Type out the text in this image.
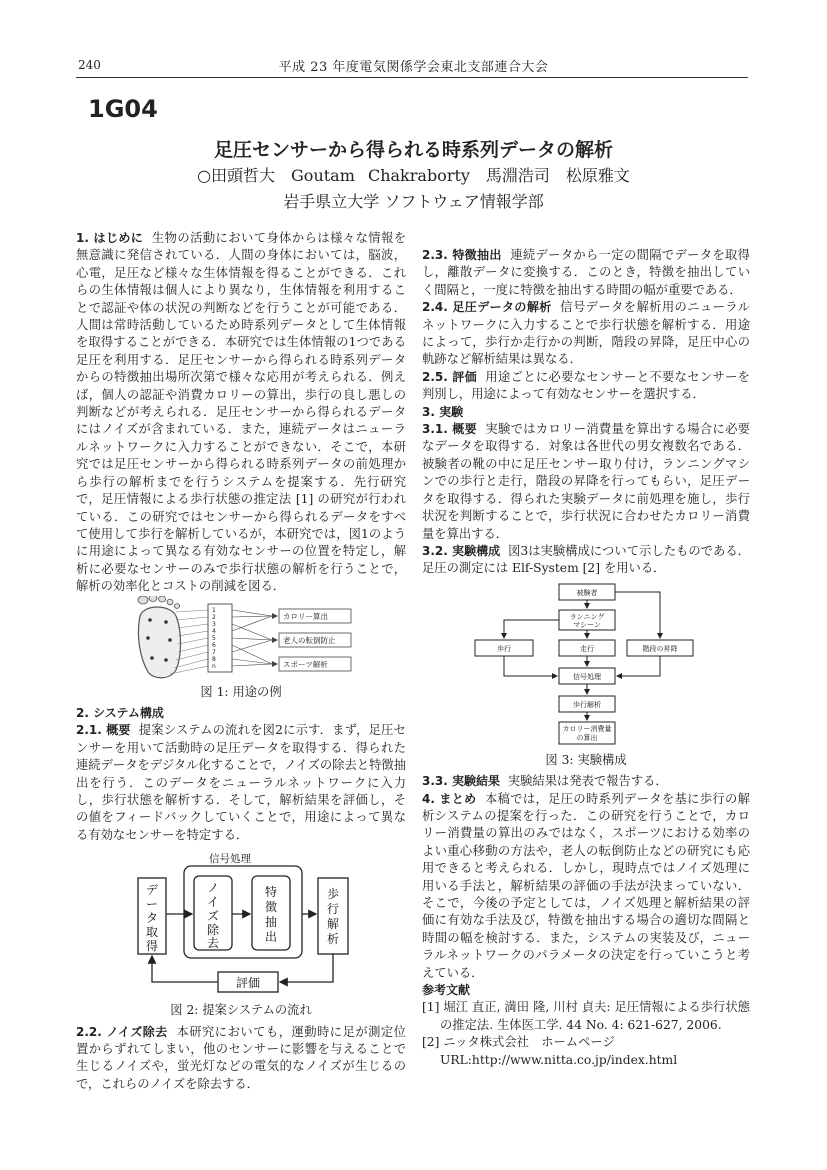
240	平成 23 年度電気関係学会東北支部連合大会
1G04
足圧センサーから得られる時系列データの解析
○田頭哲大　Goutam Chakraborty　馬淵浩司　松原雅文
岩手県立大学 ソフトウェア情報学部

1. はじめに 生物の活動において身体からは様々な情報を無意識に発信されている．人間の身体においては，脳波，心電，足圧など様々な生体情報を得ることができる．これらの生体情報は個人により異なり，生体情報を利用することで認証や体の状況の判断などを行うことが可能である．人間は常時活動しているため時系列データとして生体情報を取得することができる．本研究では生体情報の1つである足圧を利用する．足圧センサーから得られる時系列データからの特徴抽出場所次第で様々な応用が考えられる．例えば，個人の認証や消費カロリーの算出，歩行の良し悪しの判断などが考えられる．足圧センサーから得られるデータにはノイズが含まれている．また，連続データはニューラルネットワークに入力することができない．そこで，本研究では足圧センサーから得られる時系列データの前処理から歩行の解析までを行うシステムを提案する．先行研究で，足圧情報による歩行状態の推定法 [1] の研究が行われている．この研究ではセンサーから得られるデータをすべて使用して歩行を解析しているが，本研究では，図1のように用途によって異なる有効なセンサーの位置を特定し，解析に必要なセンサーのみで歩行状態の解析を行うことで，解析の効率化とコストの削減を図る．

1
2
3
4
5
6
7
8
n
カロリー算出
老人の転倒防止
スポーツ解析
図 1: 用途の例

2. システム構成

2.1. 概要 提案システムの流れを図2に示す．まず，足圧センサーを用いて活動時の足圧データを取得する．得られた連続データをデジタル化することで，ノイズの除去と特徴抽出を行う．このデータをニューラルネットワークに入力し，歩行状態を解析する．そして，解析結果を評価し，その値をフィードバックしていくことで，用途によって異なる有効なセンサーを特定する．

信号処理
デ
ー
タ
取
得
ノ
イ
ズ
除
去
特
徴
抽
出
歩
行
解
析
評価
図 2: 提案システムの流れ

2.2. ノイズ除去 本研究においても，運動時に足が測定位置からずれてしまい，他のセンサーに影響を与えることで生じるノイズや，蛍光灯などの電気的なノイズが生じるので，これらのノイズを除去する．

2.3. 特徴抽出 連続データから一定の間隔でデータを取得し，離散データに変換する．このとき，特徴を抽出していく間隔と，一度に特徴を抽出する時間の幅が重要である．

2.4. 足圧データの解析 信号データを解析用のニューラルネットワークに入力することで歩行状態を解析する．用途によって，歩行か走行かの判断，階段の昇降，足圧中心の軌跡など解析結果は異なる．

2.5. 評価 用途ごとに必要なセンサーと不要なセンサーを判別し，用途によって有効なセンサーを選択する．

3. 実験

3.1. 概要 実験ではカロリー消費量を算出する場合に必要なデータを取得する．対象は各世代の男女複数名である．被験者の靴の中に足圧センサー取り付け，ランニングマシンでの歩行と走行，階段の昇降を行ってもらい，足圧データを取得する．得られた実験データに前処理を施し，歩行状況を判断することで，歩行状況に合わせたカロリー消費量を算出する．

3.2. 実験構成 図3は実験構成について示したものである．足圧の測定には Elf-System [2] を用いる．

被験者
ランニング
マシーン
歩行	走行	階段の昇降
信号処理
歩行解析
カロリー消費量
の算出
図 3: 実験構成

3.3. 実験結果 実験結果は発表で報告する．

4. まとめ 本稿では，足圧の時系列データを基に歩行の解析システムの提案を行った．この研究を行うことで，カロリー消費量の算出のみではなく，スポーツにおける効率のよい重心移動の方法や，老人の転倒防止などの研究にも応用できると考えられる．しかし，現時点ではノイズ処理に用いる手法と，解析結果の評価の手法が決まっていない．そこで，今後の予定としては，ノイズ処理と解析結果の評価に有効な手法及び，特徴を抽出する場合の適切な間隔と時間の幅を検討する．また，システムの実装及び，ニューラルネットワークのパラメータの決定を行っていこうと考えている．

参考文献

[1] 堀江 直正, 満田 隆, 川村 貞夫: 足圧情報による歩行状態の推定法. 生体医工学. 44 No. 4: 621-627, 2006.

[2] ニッタ株式会社　ホームページ

URL:http://www.nitta.co.jp/index.html
